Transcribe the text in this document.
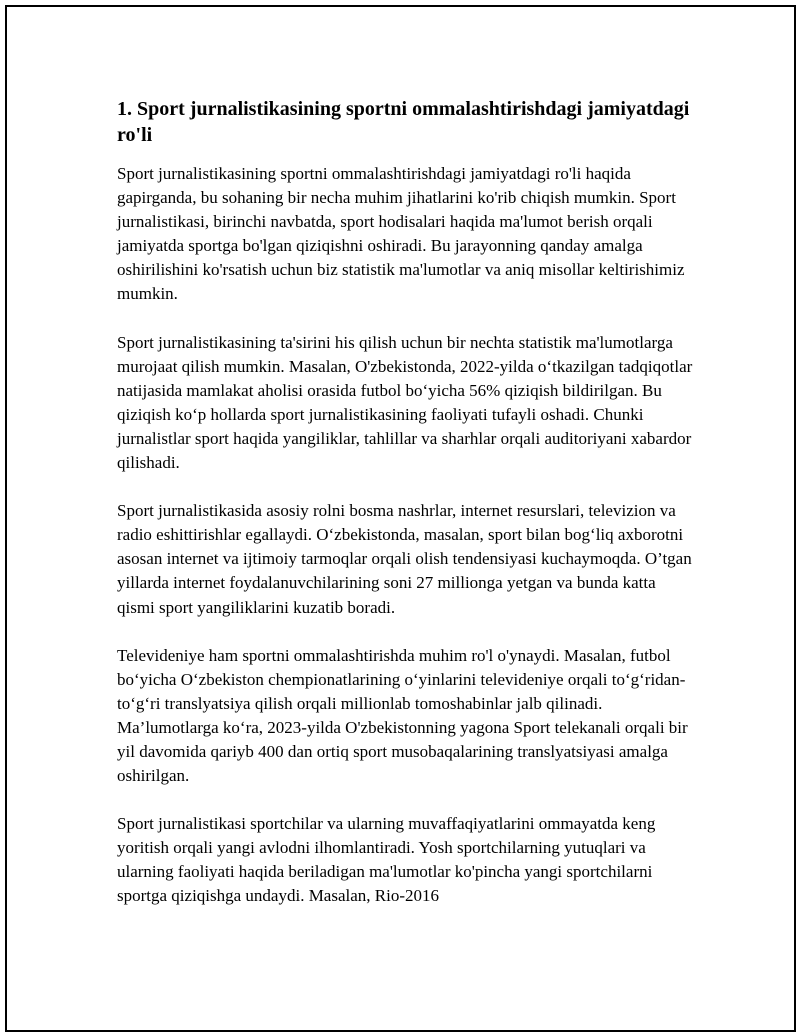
1. Sport jurnalistikasining sportni ommalashtirishdagi jamiyatdagi ro'li

Sport jurnalistikasining sportni ommalashtirishdagi jamiyatdagi ro'li haqida gapirganda, bu sohaning bir necha muhim jihatlarini ko'rib chiqish mumkin. Sport jurnalistikasi, birinchi navbatda, sport hodisalari haqida ma'lumot berish orqali jamiyatda sportga bo'lgan qiziqishni oshiradi. Bu jarayonning qanday amalga oshirilishini ko'rsatish uchun biz statistik ma'lumotlar va aniq misollar keltirishimiz mumkin.

Sport jurnalistikasining ta'sirini his qilish uchun bir nechta statistik ma'lumotlarga murojaat qilish mumkin. Masalan, O'zbekistonda, 2022-yilda o‘tkazilgan tadqiqotlar natijasida mamlakat aholisi orasida futbol bo‘yicha 56% qiziqish bildirilgan. Bu qiziqish ko‘p hollarda sport jurnalistikasining faoliyati tufayli oshadi. Chunki jurnalistlar sport haqida yangiliklar, tahlillar va sharhlar orqali auditoriyani xabardor qilishadi.

Sport jurnalistikasida asosiy rolni bosma nashrlar, internet resurslari, televizion va radio eshittirishlar egallaydi. O‘zbekistonda, masalan, sport bilan bog‘liq axborotni asosan internet va ijtimoiy tarmoqlar orqali olish tendensiyasi kuchaymoqda. O’tgan yillarda internet foydalanuvchilarining soni 27 millionga yetgan va bunda katta qismi sport yangiliklarini kuzatib boradi.

Televideniye ham sportni ommalashtirishda muhim ro'l o'ynaydi. Masalan, futbol bo‘yicha O‘zbekiston chempionatlarining o‘yinlarini televideniye orqali to‘g‘ridan-to‘g‘ri translyatsiya qilish orqali millionlab tomoshabinlar jalb qilinadi. Ma’lumotlarga ko‘ra, 2023-yilda O'zbekistonning yagona Sport telekanali orqali bir yil davomida qariyb 400 dan ortiq sport musobaqalarining translyatsiyasi amalga oshirilgan.

Sport jurnalistikasi sportchilar va ularning muvaffaqiyatlarini ommayatda keng yoritish orqali yangi avlodni ilhomlantiradi. Yosh sportchilarning yutuqlari va ularning faoliyati haqida beriladigan ma'lumotlar ko'pincha yangi sportchilarni sportga qiziqishga undaydi. Masalan, Rio-2016
